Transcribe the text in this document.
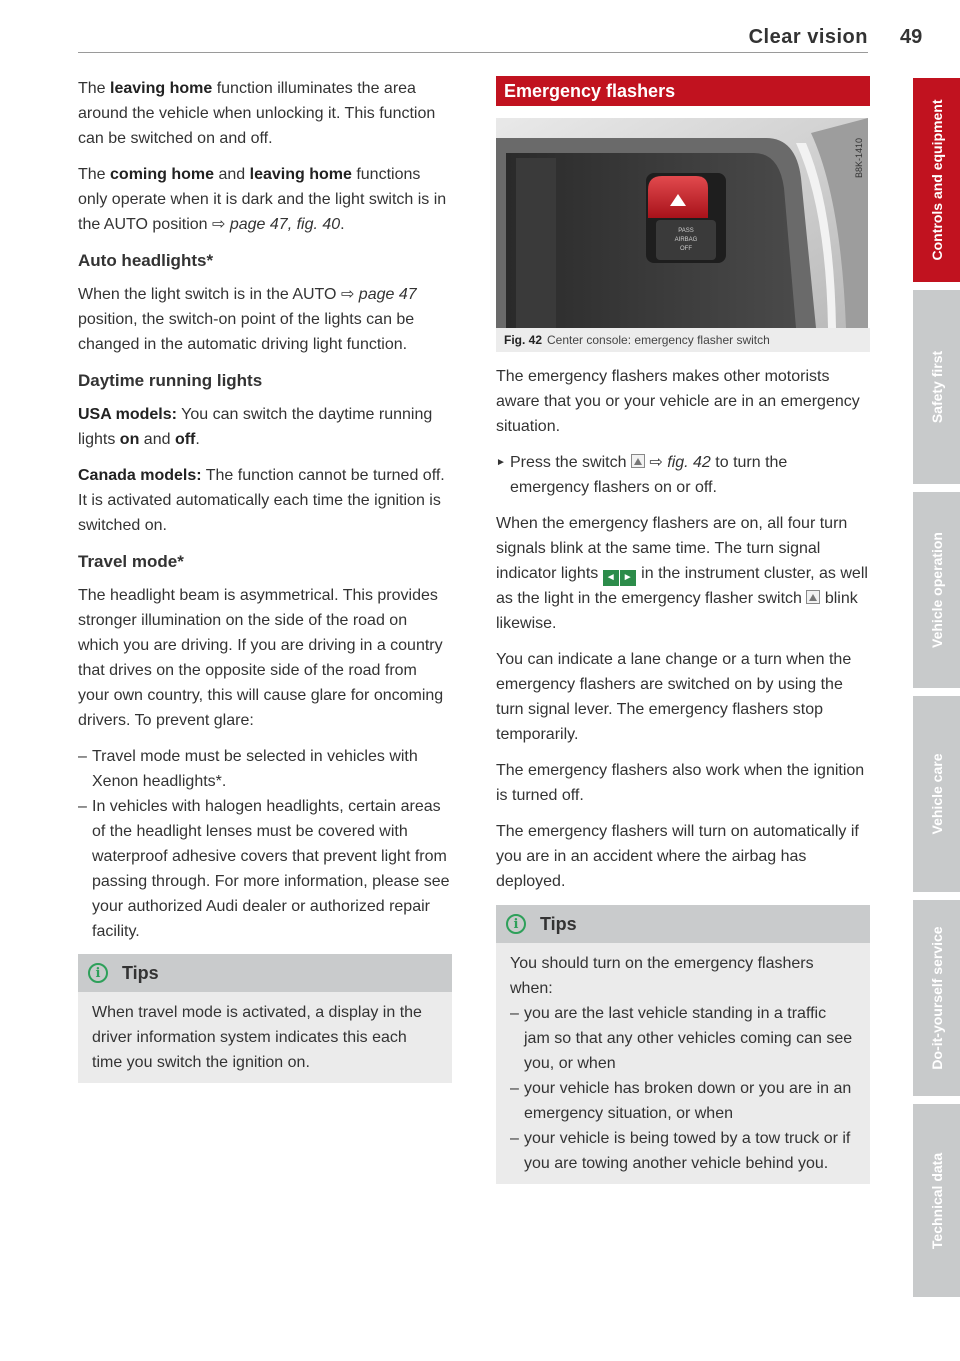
Clear vision 49

The leaving home function illuminates the area around the vehicle when unlocking it. This function can be switched on and off.

The coming home and leaving home functions only operate when it is dark and the light switch is in the AUTO position ⇨ page 47, fig. 40.

Auto headlights*

When the light switch is in the AUTO ⇨ page 47 position, the switch-on point of the lights can be changed in the automatic driving light function.

Daytime running lights

USA models: You can switch the daytime running lights on and off.

Canada models: The function cannot be turned off. It is activated automatically each time the ignition is switched on.

Travel mode*

The headlight beam is asymmetrical. This provides stronger illumination on the side of the road on which you are driving. If you are driving in a country that drives on the opposite side of the road from your own country, this will cause glare for oncoming drivers. To prevent glare:

– Travel mode must be selected in vehicles with Xenon headlights*.
– In vehicles with halogen headlights, certain areas of the headlight lenses must be covered with waterproof adhesive covers that prevent light from passing through. For more information, please see your authorized Audi dealer or authorized repair facility.
i	Tips

When travel mode is activated, a display in the driver information system indicates this each time you switch the ignition on.

Emergency flashers
PASS
AIRBAG
OFF
B8K-1410
Fig. 42 Center console: emergency flasher switch

The emergency flashers makes other motorists aware that you or your vehicle are in an emergency situation.

► Press the switch  ⇨ fig. 42 to turn the emergency flashers on or off.

When the emergency flashers are on, all four turn signals blink at the same time. The turn signal indicator lights ◄ ► in the instrument cluster, as well as the light in the emergency flasher switch  blink likewise.

You can indicate a lane change or a turn when the emergency flashers are switched on by using the turn signal lever. The emergency flashers stop temporarily.

The emergency flashers also work when the ignition is turned off.

The emergency flashers will turn on automatically if you are in an accident where the airbag has deployed.

i	Tips

You should turn on the emergency flashers when:

– you are the last vehicle standing in a traffic jam so that any other vehicles coming can see you, or when
– your vehicle has broken down or you are in an emergency situation, or when
– your vehicle is being towed by a tow truck or if you are towing another vehicle behind you.
Controls and equipment
Safety first
Vehicle operation
Vehicle care
Do-it-yourself service
Technical data
